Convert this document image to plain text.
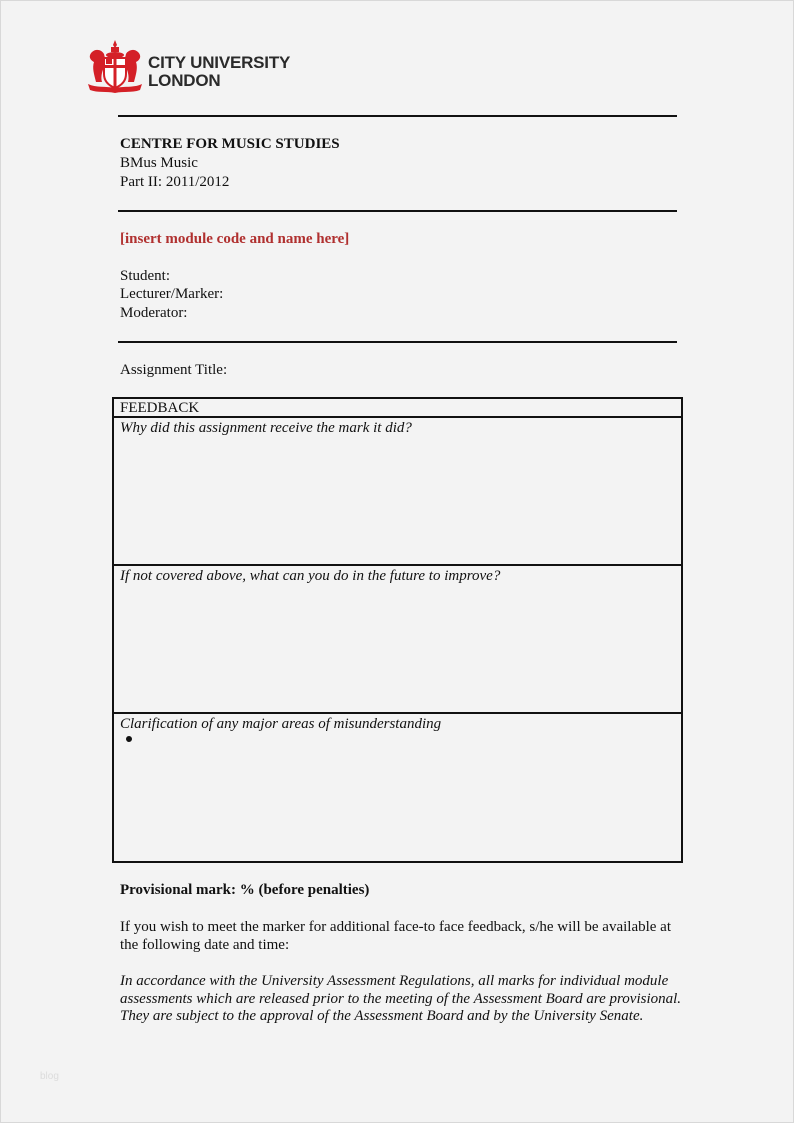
CITY UNIVERSITY
LONDON
CENTRE FOR MUSIC STUDIES
BMus Music
Part II: 2011/2012
[insert module code and name here]
Student:
Lecturer/Marker:
Moderator:
Assignment Title:
FEEDBACK
Why did this assignment receive the mark it did?
If not covered above, what can you do in the future to improve?
Clarification of any major areas of misunderstanding
Provisional mark: % (before penalties)
If you wish to meet the marker for additional face-to face feedback, s/he will be available at the following date and time:
In accordance with the University Assessment Regulations, all marks for individual module assessments which are released prior to the meeting of the Assessment Board are provisional. They are subject to the approval of the Assessment Board and by the University Senate.
blog
